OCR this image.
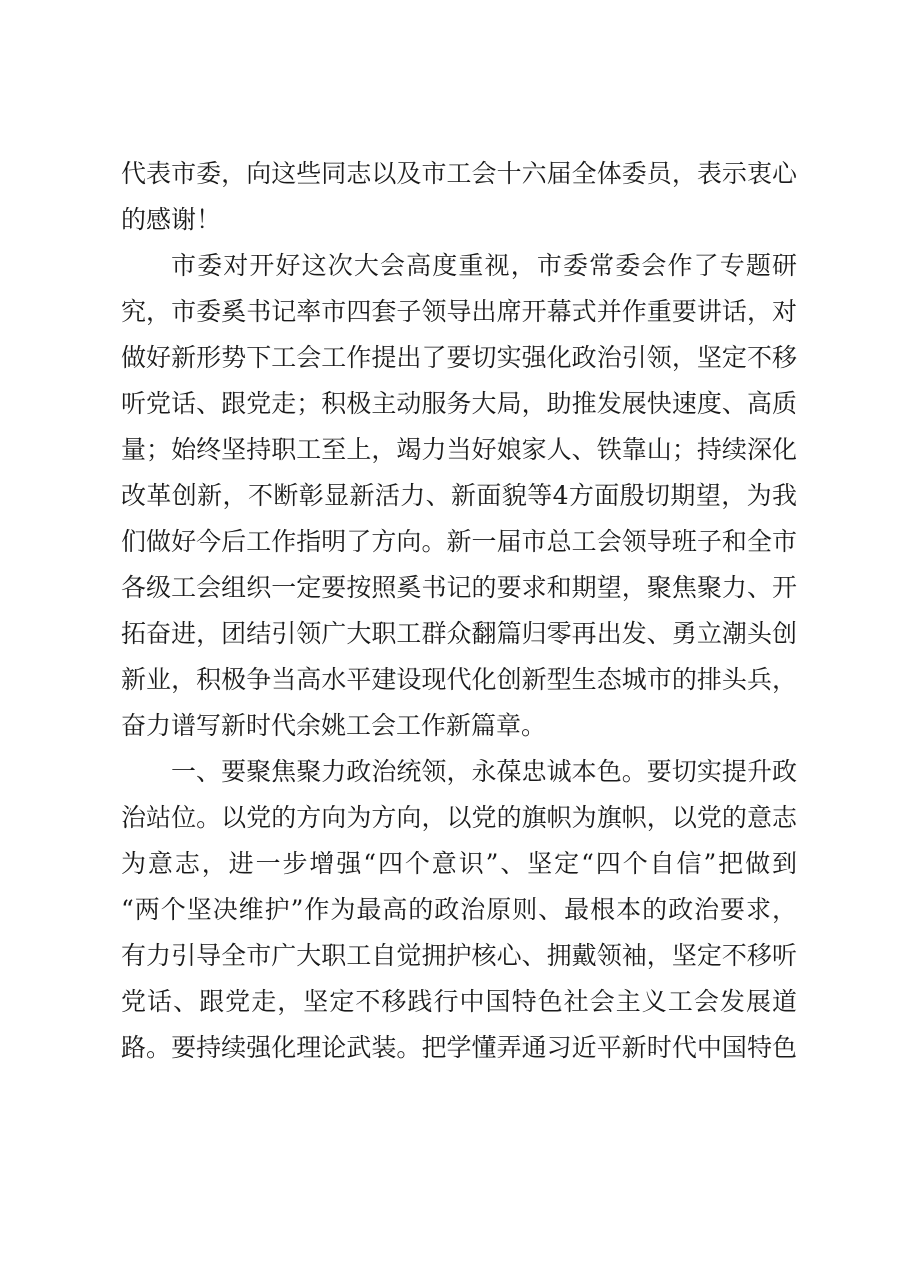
代表市委，向这些同志以及市工会十六届全体委员，表示衷心
的感谢！
市委对开好这次大会高度重视，市委常委会作了专题研
究，市委奚书记率市四套子领导出席开幕式并作重要讲话，对
做好新形势下工会工作提出了要切实强化政治引领，坚定不移
听党话、跟党走；积极主动服务大局，助推发展快速度、高质
量；始终坚持职工至上，竭力当好娘家人、铁靠山；持续深化
改革创新，不断彰显新活力、新面貌等4方面殷切期望，为我
们做好今后工作指明了方向。新一届市总工会领导班子和全市
各级工会组织一定要按照奚书记的要求和期望，聚焦聚力、开
拓奋进，团结引领广大职工群众翻篇归零再出发、勇立潮头创
新业，积极争当高水平建设现代化创新型生态城市的排头兵，
奋力谱写新时代余姚工会工作新篇章。
一、要聚焦聚力政治统领，永葆忠诚本色。要切实提升政
治站位。以党的方向为方向，以党的旗帜为旗帜，以党的意志
为意志，进一步增强“四个意识”、坚定“四个自信”把做到
“两个坚决维护”作为最高的政治原则、最根本的政治要求，
有力引导全市广大职工自觉拥护核心、拥戴领袖，坚定不移听
党话、跟党走，坚定不移践行中国特色社会主义工会发展道
路。要持续强化理论武装。把学懂弄通习近平新时代中国特色
